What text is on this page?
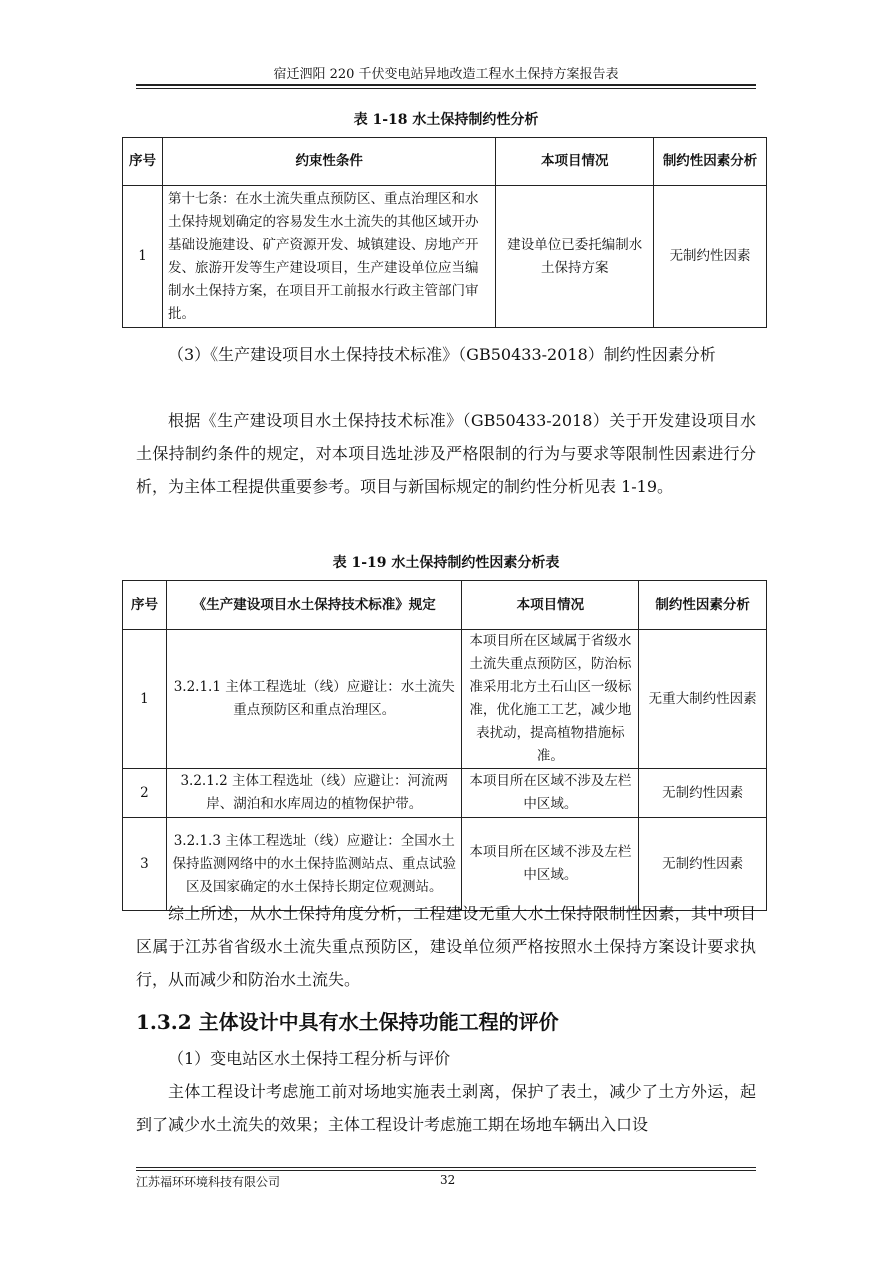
宿迁泗阳 220 千伏变电站异地改造工程水土保持方案报告表
表 1-18 水土保持制约性分析
序号	约束性条件	本项目情况	制约性因素分析
1	第十七条：在水土流失重点预防区、重点治理区和水土保持规划确定的容易发生水土流失的其他区域开办基础设施建设、矿产资源开发、城镇建设、房地产开发、旅游开发等生产建设项目，生产建设单位应当编制水土保持方案，在项目开工前报水行政主管部门审批。	建设单位已委托编制水土保持方案	无制约性因素
（3）《生产建设项目水土保持技术标准》（GB50433-2018）制约性因素分析
根据《生产建设项目水土保持技术标准》（GB50433-2018）关于开发建设项目水土保持制约条件的规定，对本项目选址涉及严格限制的行为与要求等限制性因素进行分析，为主体工程提供重要参考。项目与新国标规定的制约性分析见表 1-19。
表 1-19 水土保持制约性因素分析表
序号	《生产建设项目水土保持技术标准》规定	本项目情况	制约性因素分析
1	3.2.1.1 主体工程选址（线）应避让：水土流失重点预防区和重点治理区。	本项目所在区域属于省级水土流失重点预防区，防治标准采用北方土石山区一级标准，优化施工工艺，减少地表扰动，提高植物措施标准。	无重大制约性因素
2	3.2.1.2 主体工程选址（线）应避让：河流两岸、湖泊和水库周边的植物保护带。	本项目所在区域不涉及左栏中区域。	无制约性因素
3	3.2.1.3 主体工程选址（线）应避让：全国水土保持监测网络中的水土保持监测站点、重点试验区及国家确定的水土保持长期定位观测站。	本项目所在区域不涉及左栏中区域。	无制约性因素
综上所述，从水土保持角度分析，工程建设无重大水土保持限制性因素，其中项目区属于江苏省省级水土流失重点预防区，建设单位须严格按照水土保持方案设计要求执行，从而减少和防治水土流失。
1.3.2 主体设计中具有水土保持功能工程的评价
（1）变电站区水土保持工程分析与评价
主体工程设计考虑施工前对场地实施表土剥离，保护了表土，减少了土方外运，起到了减少水土流失的效果；主体工程设计考虑施工期在场地车辆出入口设
江苏福环环境科技有限公司	32
